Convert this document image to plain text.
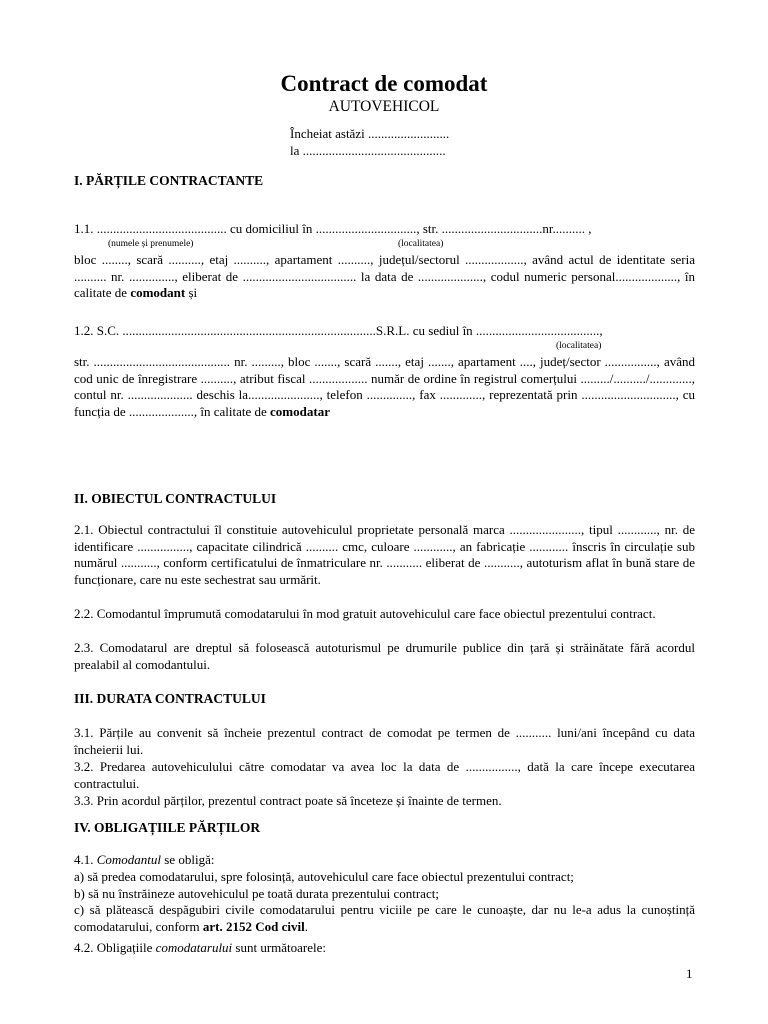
Contract de comodat
AUTOVEHICOL
Încheiat astăzi .........................
la ............................................
I. PĂRȚILE CONTRACTANTE
1.1. ........................................ cu domiciliul în ..............................., str. ...............................nr.......... ,
(numele și prenumele)	(localitatea)
bloc ........, scară .........., etaj .........., apartament .........., județul/sectorul .................., având actul de identitate seria .......... nr. .............., eliberat de ................................... la data de ...................., codul numeric personal..................., în calitate de comodant și
1.2. S.C. ..............................................................................S.R.L. cu sediul în ......................................,
(localitatea)
str. .......................................... nr. ........., bloc ......., scară ......., etaj ......., apartament ...., județ/sector ................, având cod unic de înregistrare .........., atribut fiscal .................. număr de ordine în registrul comerțului ........./........../............., contul nr. .................... deschis la......................, telefon .............., fax ............., reprezentată prin ............................., cu funcția de ...................., în calitate de comodatar
II. OBIECTUL CONTRACTULUI
2.1. Obiectul contractului îl constituie autovehiculul proprietate personală marca ......................, tipul ............, nr. de identificare ................, capacitate cilindrică .......... cmc, culoare ............, an fabricație ............ înscris în circulație sub numărul ..........., conform certificatului de înmatriculare nr. ........... eliberat de ..........., autoturism aflat în bună stare de funcționare, care nu este sechestrat sau urmărit.
2.2. Comodantul împrumută comodatarului în mod gratuit autovehiculul care face obiectul prezentului contract.
2.3. Comodatarul are dreptul să folosească autoturismul pe drumurile publice din țară și străinătate fără acordul prealabil al comodantului.
III. DURATA CONTRACTULUI
3.1. Părțile au convenit să încheie prezentul contract de comodat pe termen de ........... luni/ani începând cu data încheierii lui.
3.2. Predarea autovehiculului către comodatar va avea loc la data de ................, dată la care începe executarea contractului.
3.3. Prin acordul părților, prezentul contract poate să înceteze și înainte de termen.
IV. OBLIGAȚIILE PĂRȚILOR
4.1. Comodantul se obligă:
a) să predea comodatarului, spre folosință, autovehiculul care face obiectul prezentului contract;
b) să nu înstrăineze autovehiculul pe toată durata prezentului contract;
c) să plătească despăgubiri civile comodatarului pentru viciile pe care le cunoaște, dar nu le-a adus la cunoștință comodatarului, conform art. 2152 Cod civil.
4.2. Obligațiile comodatarului sunt următoarele:
1
